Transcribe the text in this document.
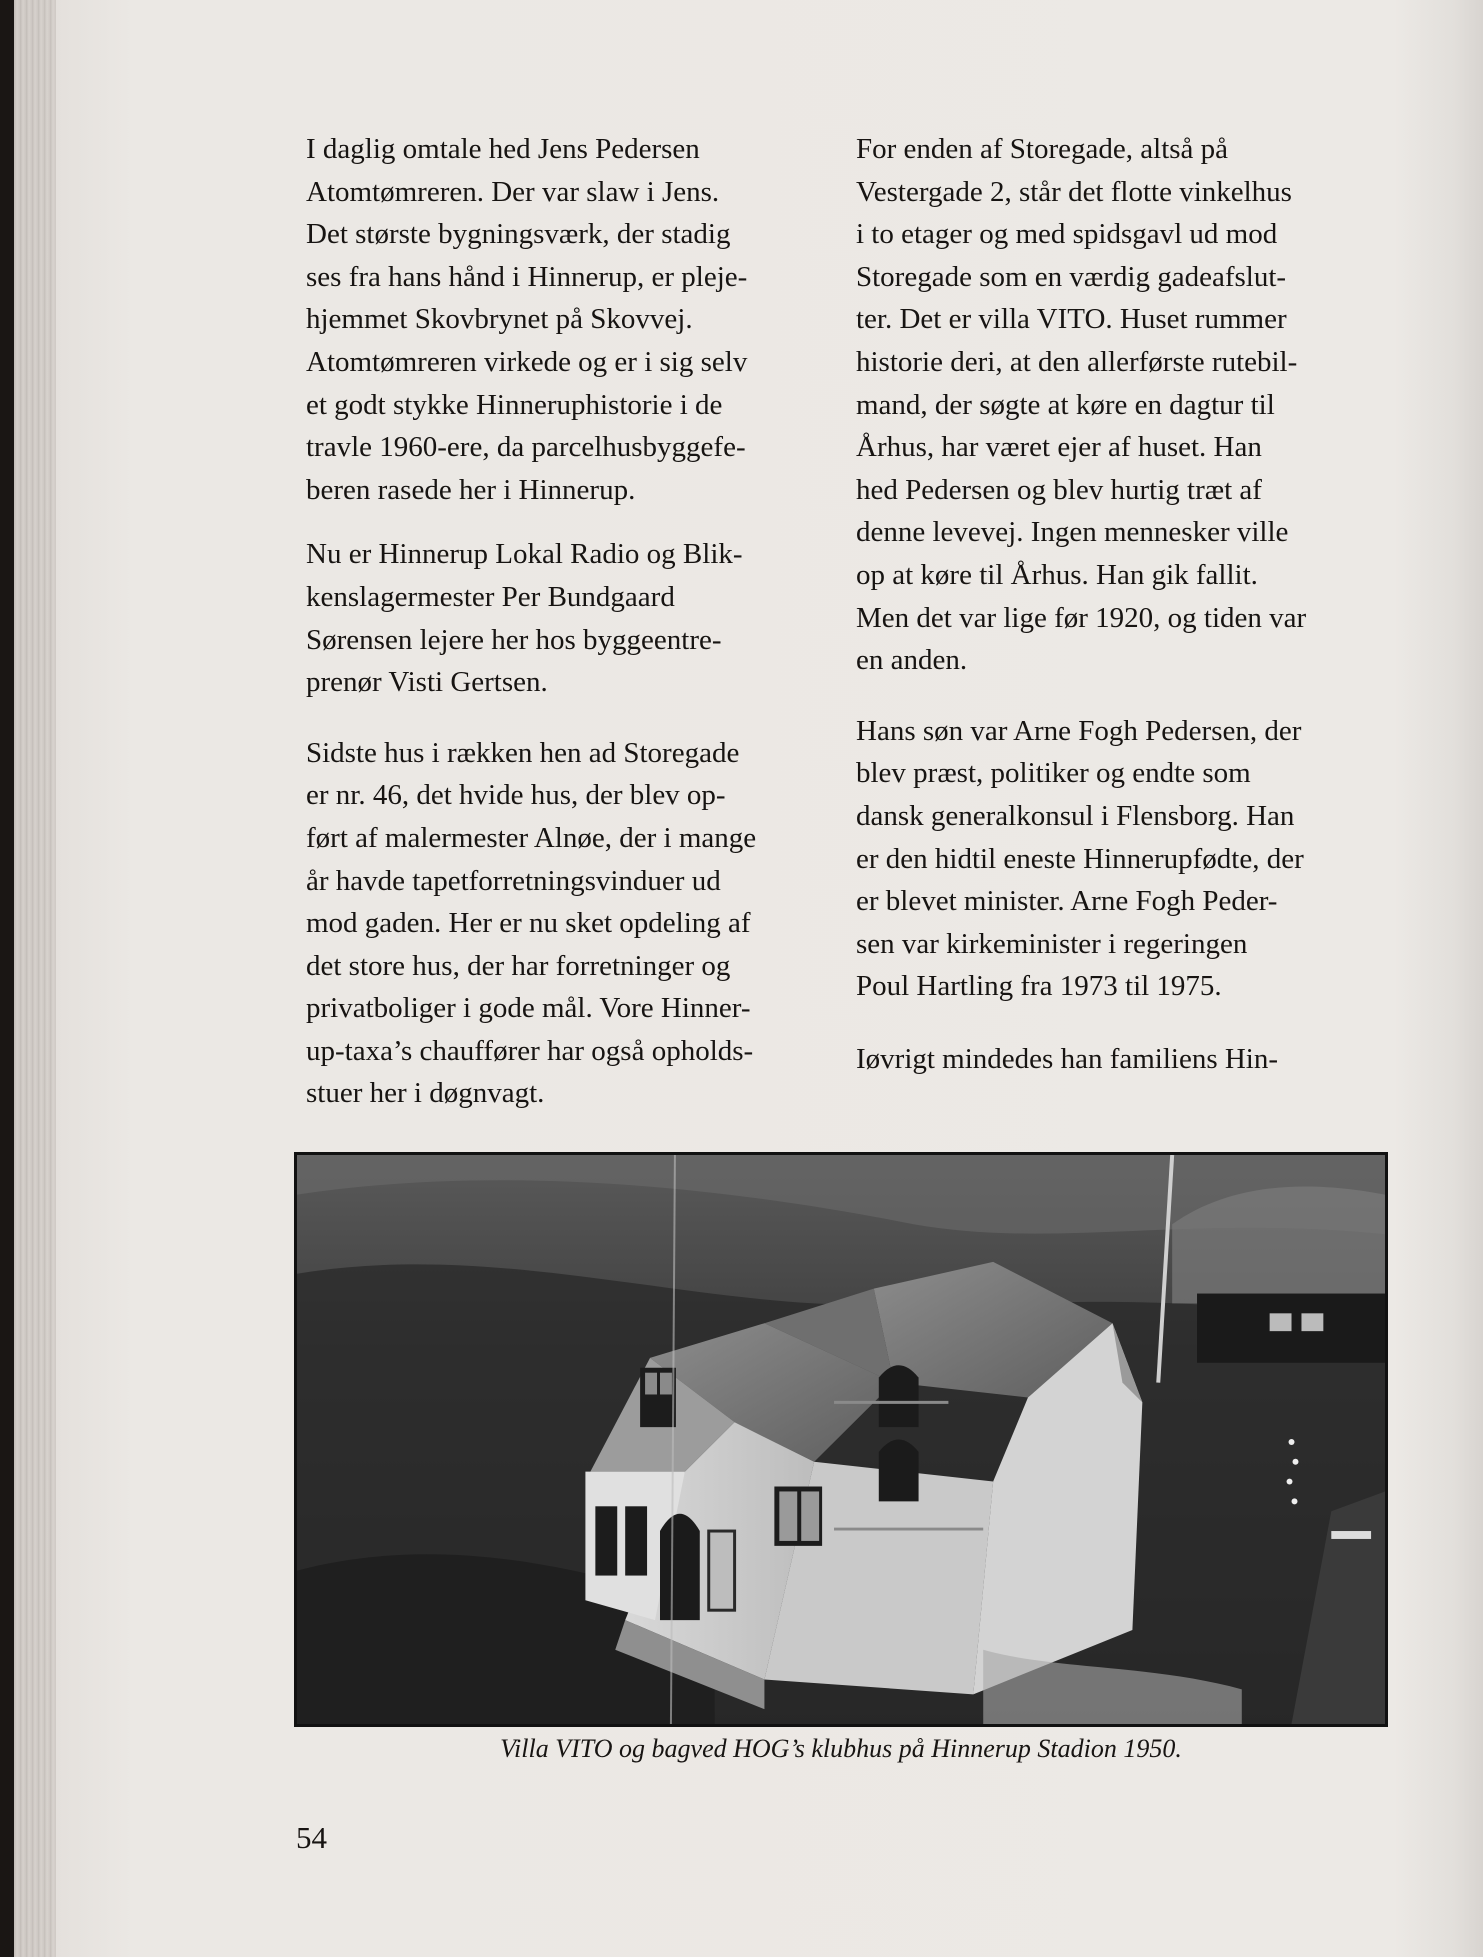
I daglig omtale hed Jens Pedersen
Atomtømreren. Der var slaw i Jens.
Det største bygningsværk, der stadig
ses fra hans hånd i Hinnerup, er pleje-
hjemmet Skovbrynet på Skovvej.
Atomtømreren virkede og er i sig selv
et godt stykke Hinneruphistorie i de
travle 1960-ere, da parcelhusbyggefe-
beren rasede her i Hinnerup.

Nu er Hinnerup Lokal Radio og Blik-
kenslagermester Per Bundgaard
Sørensen lejere her hos byggeentre-
prenør Visti Gertsen.

Sidste hus i rækken hen ad Storegade
er nr. 46, det hvide hus, der blev op-
ført af malermester Alnøe, der i mange
år havde tapetforretningsvinduer ud
mod gaden. Her er nu sket opdeling af
det store hus, der har forretninger og
privatboliger i gode mål. Vore Hinner-
up-taxa’s chauffører har også opholds-
stuer her i døgnvagt.

For enden af Storegade, altså på
Vestergade 2, står det flotte vinkelhus
i to etager og med spidsgavl ud mod
Storegade som en værdig gadeafslut-
ter. Det er villa VITO. Huset rummer
historie deri, at den allerførste rutebil-
mand, der søgte at køre en dagtur til
Århus, har været ejer af huset. Han
hed Pedersen og blev hurtig træt af
denne levevej. Ingen mennesker ville
op at køre til Århus. Han gik fallit.
Men det var lige før 1920, og tiden var
en anden.

Hans søn var Arne Fogh Pedersen, der
blev præst, politiker og endte som
dansk generalkonsul i Flensborg. Han
er den hidtil eneste Hinnerupfødte, der
er blevet minister. Arne Fogh Peder-
sen var kirkeminister i regeringen
Poul Hartling fra 1973 til 1975.

Iøvrigt mindedes han familiens Hin-

Villa VITO og bagved HOG’s klubhus på Hinnerup Stadion 1950.
54
